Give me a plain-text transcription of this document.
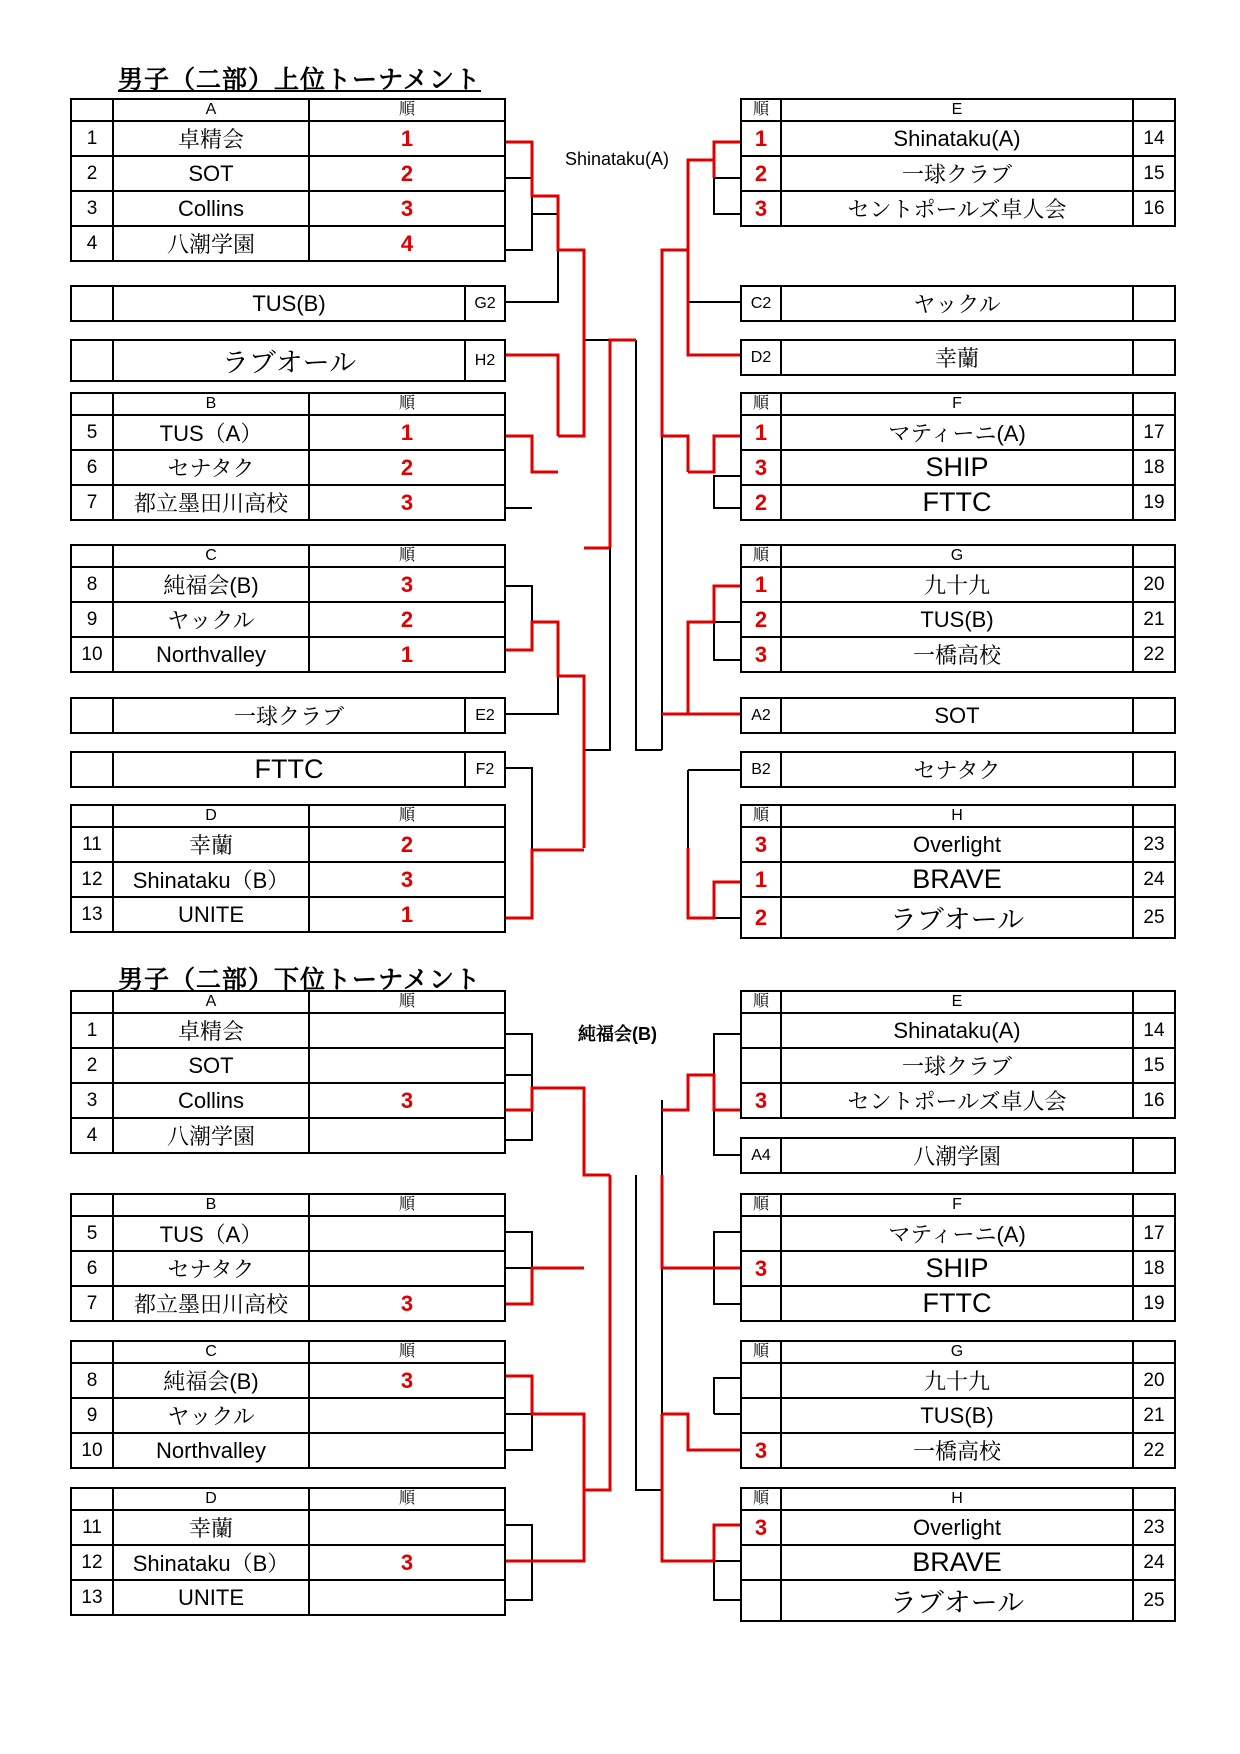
男子（二部）上位トーナメント
Shinataku(A)
	A	順
1	卓精会	1
2	SOT	2
3	Collins	3
4	八潮学園	4
	TUS(B)	G2
	ラブオール	H2
	B	順
5	TUS（A）	1
6	セナタク	2
7	都立墨田川高校	3
	C	順
8	純福会(B)	3
9	ヤックル	2
10	Northvalley	1
	一球クラブ	E2
	FTTC	F2
	D	順
11	幸蘭	2
12	Shinataku（B）	3
13	UNITE	1
順	E	
1	Shinataku(A)	14
2	一球クラブ	15
3	セントポールズ卓人会	16
C2	ヤックル	
D2	幸蘭	
順	F	
1	マティーニ(A)	17
3	SHIP	18
2	FTTC	19
順	G	
1	九十九	20
2	TUS(B)	21
3	一橋高校	22
A2	SOT	
B2	セナタク	
順	H	
3	Overlight	23
1	BRAVE	24
2	ラブオール	25
男子（二部）下位トーナメント
純福会(B)
	A	順
1	卓精会	
2	SOT	
3	Collins	3
4	八潮学園	
	B	順
5	TUS（A）	
6	セナタク	
7	都立墨田川高校	3
	C	順
8	純福会(B)	3
9	ヤックル	
10	Northvalley	
	D	順
11	幸蘭	
12	Shinataku（B）	3
13	UNITE	
順	E	
	Shinataku(A)	14
	一球クラブ	15
3	セントポールズ卓人会	16
A4	八潮学園	
順	F	
	マティーニ(A)	17
3	SHIP	18
	FTTC	19
順	G	
	九十九	20
	TUS(B)	21
3	一橋高校	22
順	H	
3	Overlight	23
	BRAVE	24
	ラブオール	25
